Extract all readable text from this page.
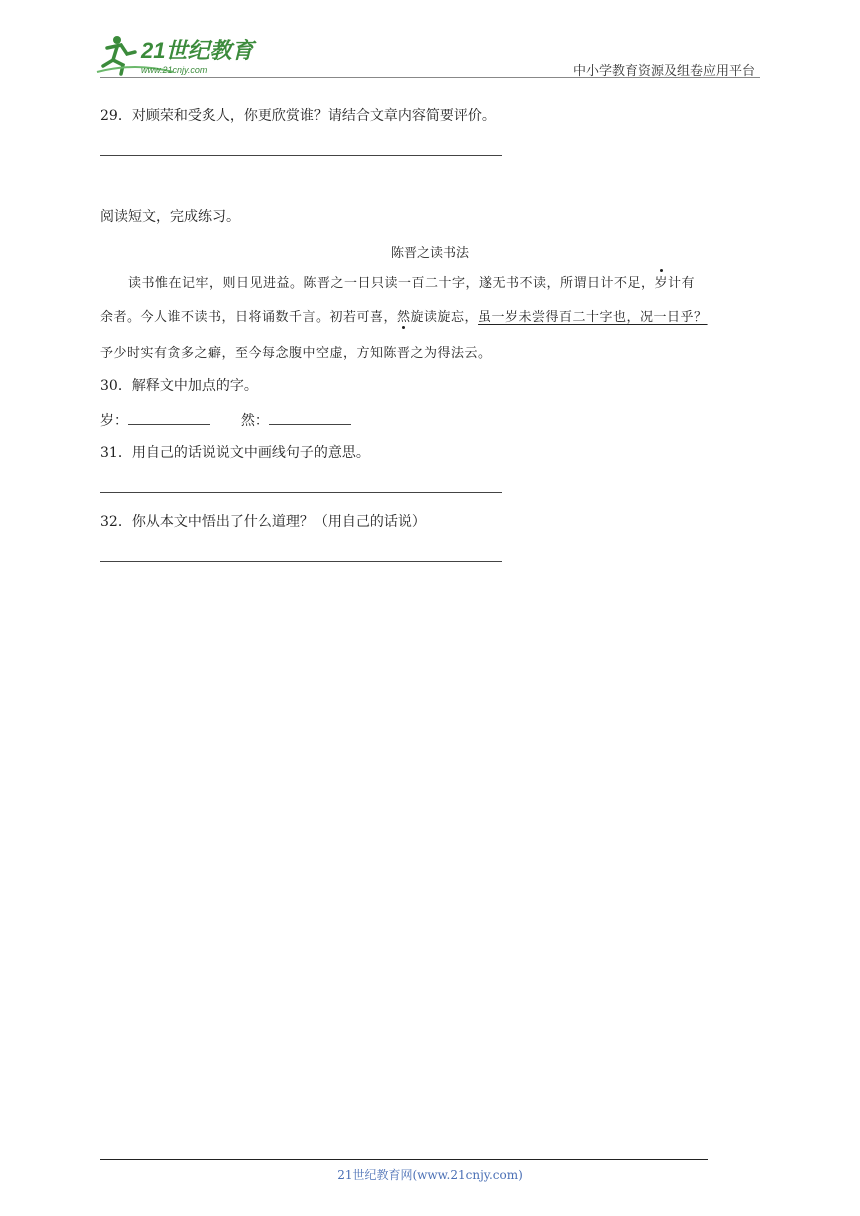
21世纪教育
www.21cnjy.com	中小学教育资源及组卷应用平台
29．对顾荣和受炙人，你更欣赏谁？请结合文章内容简要评价。
阅读短文，完成练习。
陈晋之读书法
读书惟在记牢，则日见进益。陈晋之一日只读一百二十字，遂无书不读，所谓日计不足，岁计有
余者。今人谁不读书，日将诵数千言。初若可喜，然旋读旋忘，虽一岁未尝得百二十字也，况一日乎？
予少时实有贪多之癖，至今每念腹中空虚，方知陈晋之为得法云。
30．解释文中加点的字。
岁：	然：
31．用自己的话说说文中画线句子的意思。
32．你从本文中悟出了什么道理？（用自己的话说）
21世纪教育网(www.21cnjy.com)
